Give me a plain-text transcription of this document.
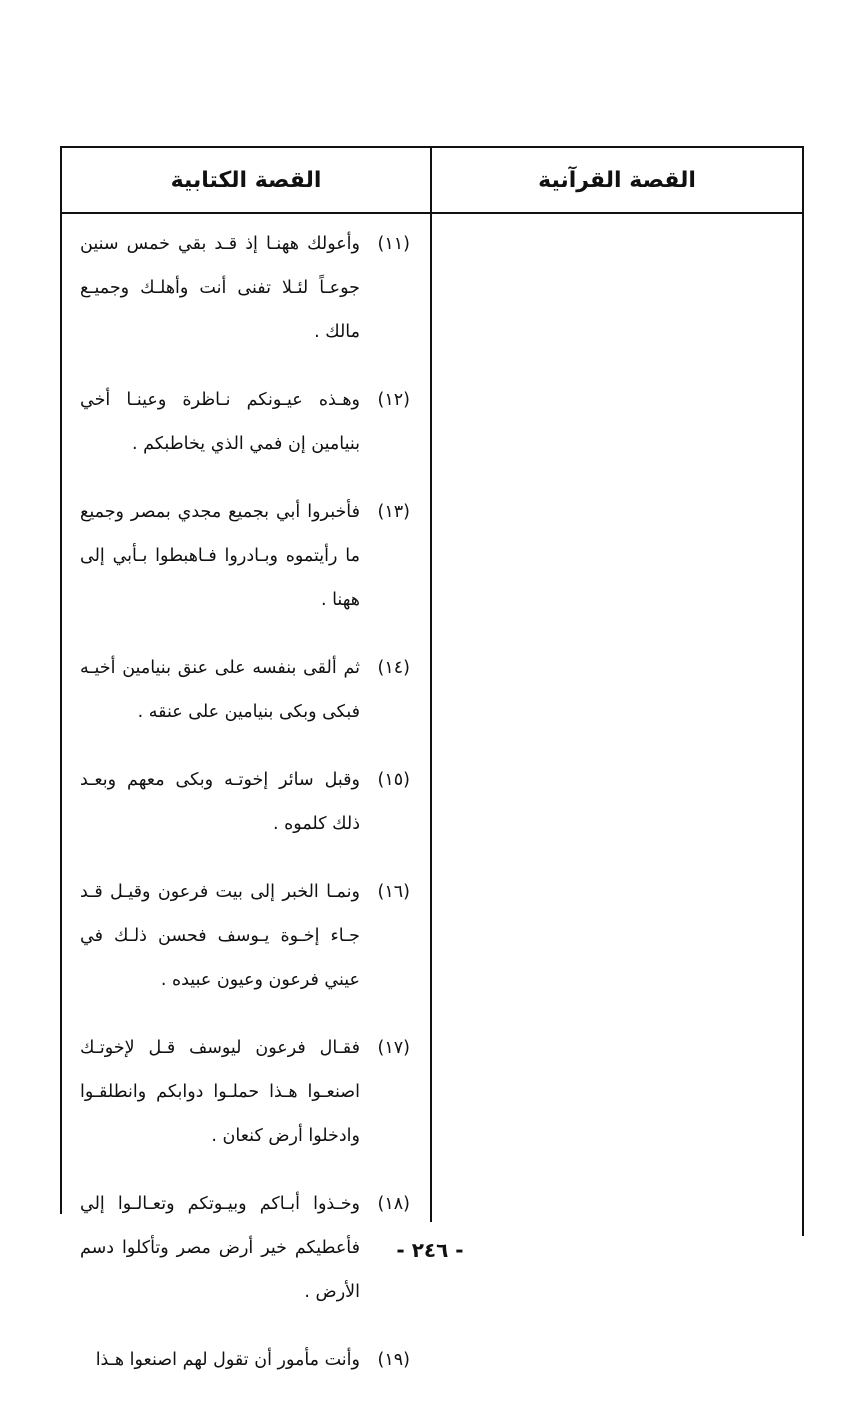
القصة القرآنية
القصة الكتابية
(١١)
وأعولك ههنـا إذ قـد بقي خمس سنين جوعـاً لئـلا تفنى أنت وأهلـك وجميـع مالك .
(١٢)
وهـذه عيـونكم نـاظرة وعينـا أخي بنيامين إن فمي الذي يخاطبكم .
(١٣)
فأخبروا أبي بجميع مجدي بمصر وجميع ما رأيتموه وبـادروا فـاهبطوا بـأبي إلى ههنا .
(١٤)
ثم ألقى بنفسه على عنق بنيامين أخيـه فبكى وبكى بنيامين على عنقه .
(١٥)
وقبل سائر إخوتـه وبكى معهم وبعـد ذلك كلموه .
(١٦)
ونمـا الخبر إلى بيت فرعون وقيـل قـد جـاء إخـوة يـوسف فحسن ذلـك في عيني فرعون وعيون عبيده .
(١٧)
فقـال فرعون ليوسف قـل لإخوتـك اصنعـوا هـذا حملـوا دوابكم وانطلقـوا وادخلوا أرض كنعان .
(١٨)
وخـذوا أبـاكم وبيـوتكم وتعـالـوا إلي فأعطيكم خير أرض مصر وتأكلوا دسم الأرض .
(١٩)
وأنت مأمور أن تقول لهم اصنعوا هـذا
- ٢٤٦ -
